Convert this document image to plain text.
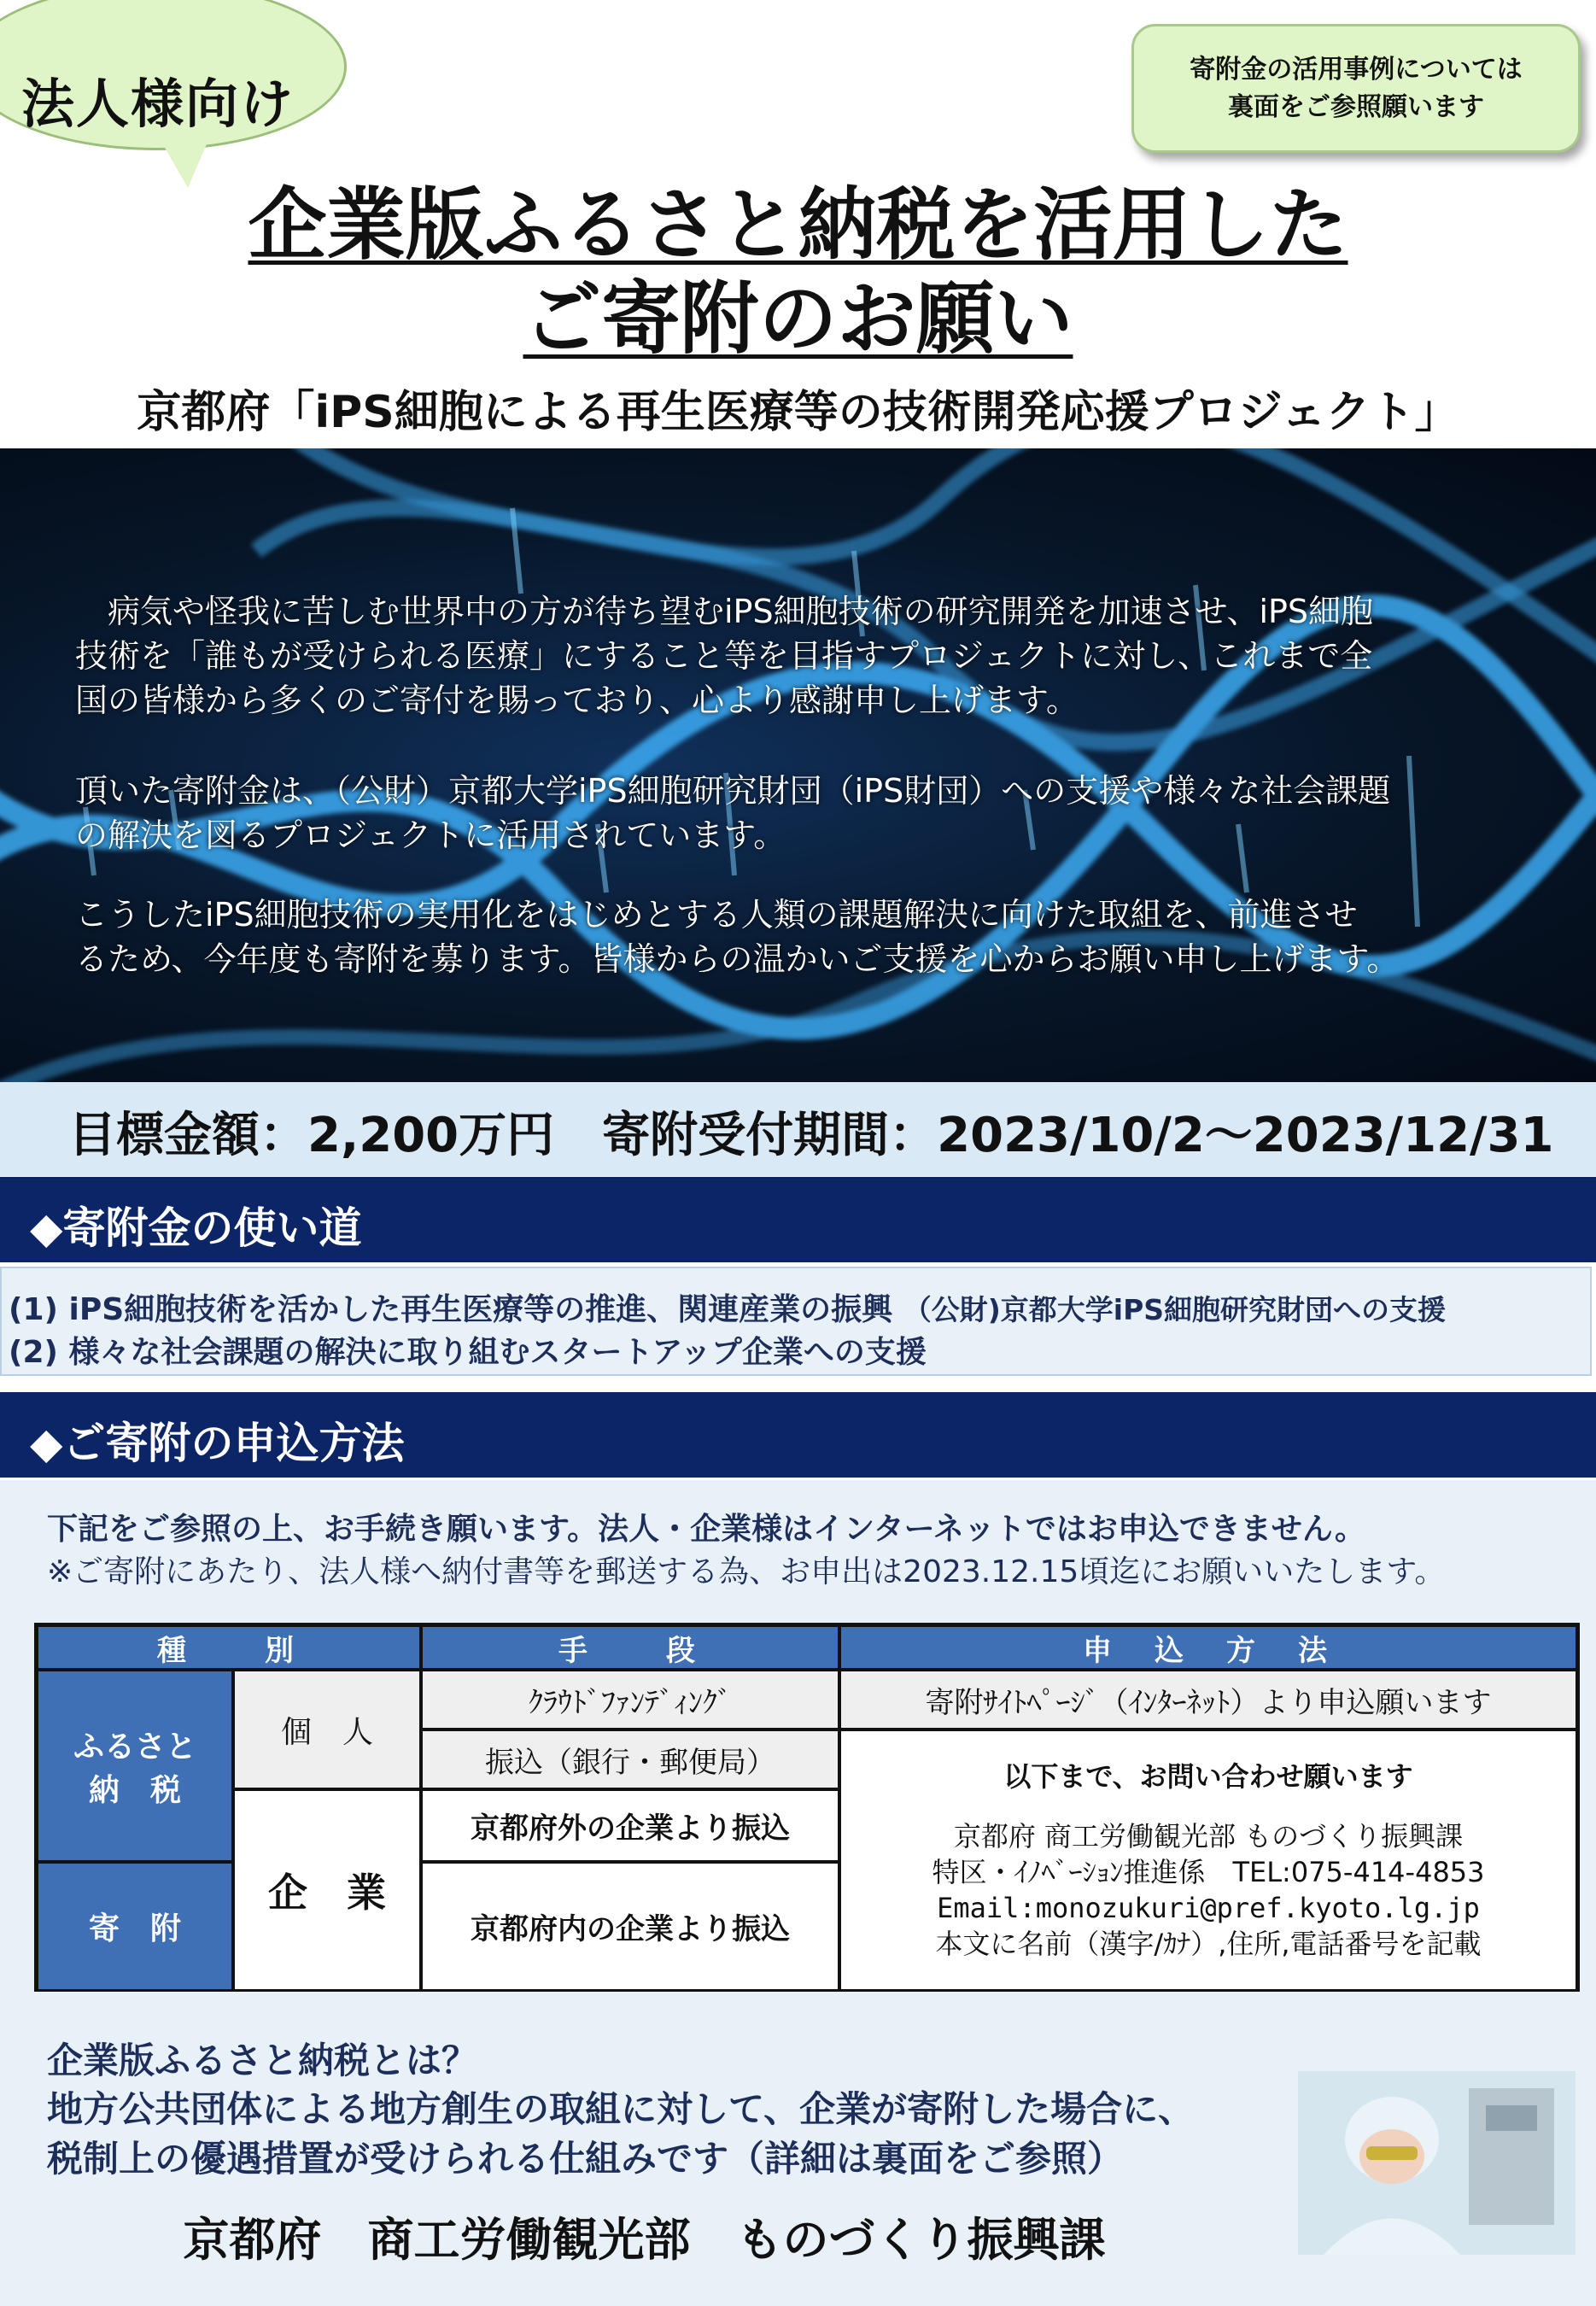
法人様向け
寄附金の活用事例については
裏面をご参照願います
企業版ふるさと納税を活用した
ご寄附のお願い
京都府「iPS細胞による再生医療等の技術開発応援プロジェクト」
　病気や怪我に苦しむ世界中の方が待ち望むiPS細胞技術の研究開発を加速させ、iPS細胞
技術を「誰もが受けられる医療」にすること等を目指すプロジェクトに対し、これまで全
国の皆様から多くのご寄付を賜っており、心より感謝申し上げます。
頂いた寄附金は、（公財）京都大学iPS細胞研究財団（iPS財団）への支援や様々な社会課題
の解決を図るプロジェクトに活用されています。
こうしたiPS細胞技術の実用化をはじめとする人類の課題解決に向けた取組を、前進させ
るため、今年度も寄附を募ります。皆様からの温かいご支援を心からお願い申し上げます。
目標金額：2,200万円　寄附受付期間：2023/10/2～2023/12/31
◆寄附金の使い道
(1) iPS細胞技術を活かした再生医療等の推進、関連産業の振興 （公財)京都大学iPS細胞研究財団への支援
(2) 様々な社会課題の解決に取り組むスタートアップ企業への支援
◆ご寄附の申込方法
下記をご参照の上、お手続き願います。法人・企業様はインターネットではお申込できません。
※ご寄附にあたり、法人様へ納付書等を郵送する為、お申出は2023.12.15頃迄にお願いいたします。
種　　別	手　　段	申　込　方　法
ふるさと
納　税
寄　附
個　人
企　業
ｸﾗｳﾄﾞﾌｧﾝﾃﾞｨﾝｸﾞ
振込（銀行・郵便局）
京都府外の企業より振込
京都府内の企業より振込
寄附ｻｲﾄﾍﾟｰｼﾞ（ｲﾝﾀｰﾈｯﾄ）より申込願います
以下まで、お問い合わせ願います
京都府 商工労働観光部 ものづくり振興課
特区・ｲﾉﾍﾞｰｼｮﾝ推進係　TEL:075-414-4853
Email:monozukuri@pref.kyoto.lg.jp
本文に名前（漢字/ｶﾅ）,住所,電話番号を記載
企業版ふるさと納税とは？
地方公共団体による地方創生の取組に対して、企業が寄附した場合に、
税制上の優遇措置が受けられる仕組みです（詳細は裏面をご参照）
京都府　商工労働観光部　ものづくり振興課
